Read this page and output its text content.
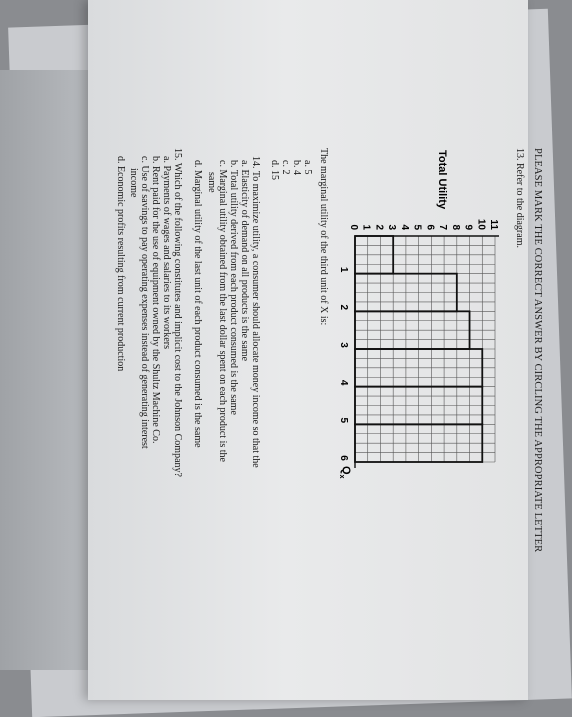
PLEASE MARK THE CORRECT ANSWER BY CIRCLING THE APPROPRIATE LETTER
13. Refer to the diagram.
11
10
9
8
7
6
5
4
3
2
1
0
1
2
3
4
5
6
Total Utility
$Q_x$
The marginal utility of the third unit of X is:
a. 5
b. 4
c. 2
d. 15
14. To maximize utility, a consumer should allocate money income so that the
a. Elasticity of demand on all products is the same
b. Total utility derived from each product consumed is the same
c. Marginal utility obtained from the last dollar spent on each product is the
same
d. Marginal utility of the last unit of each product consumed is the same
15. Which of the following constitutes and implicit cost to the Johnson Company?
a. Payments of wages and salaries to its workers
b. Rent paid for the use of equipment owned by the Shultz Machine Co.
c. Use of savings to pay operating expenses instead of generating interest
income
d. Economic profits resulting from current production
